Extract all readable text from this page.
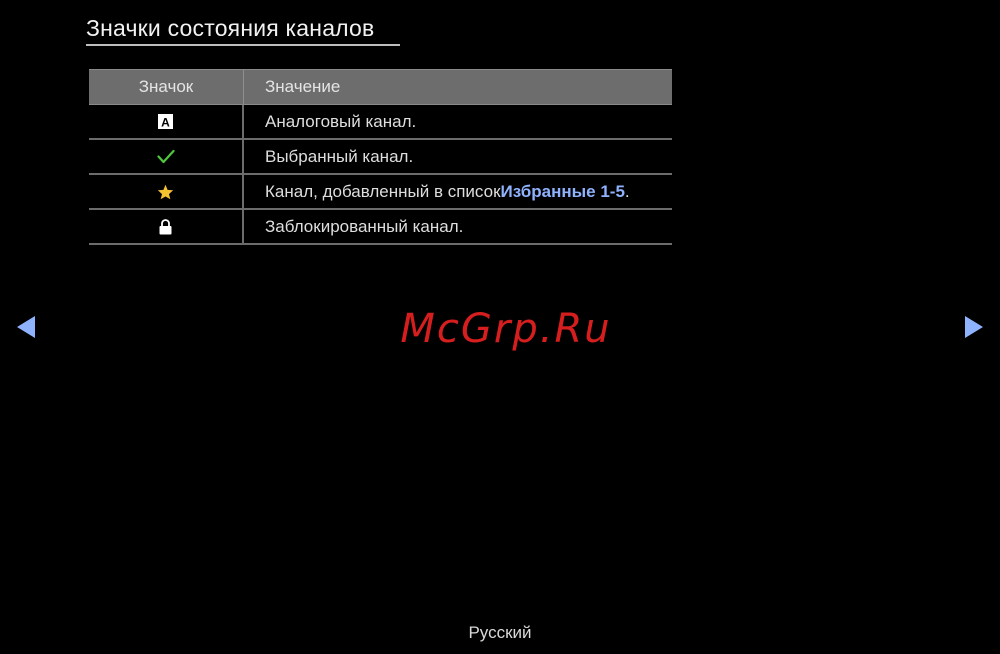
Значки состояния каналов
Значок	Значение
A	Аналоговый канал.
Выбранный канал.
Канал, добавленный в список Избранные 1-5 .
Заблокированный канал.
McGrp.Ru
Русский
